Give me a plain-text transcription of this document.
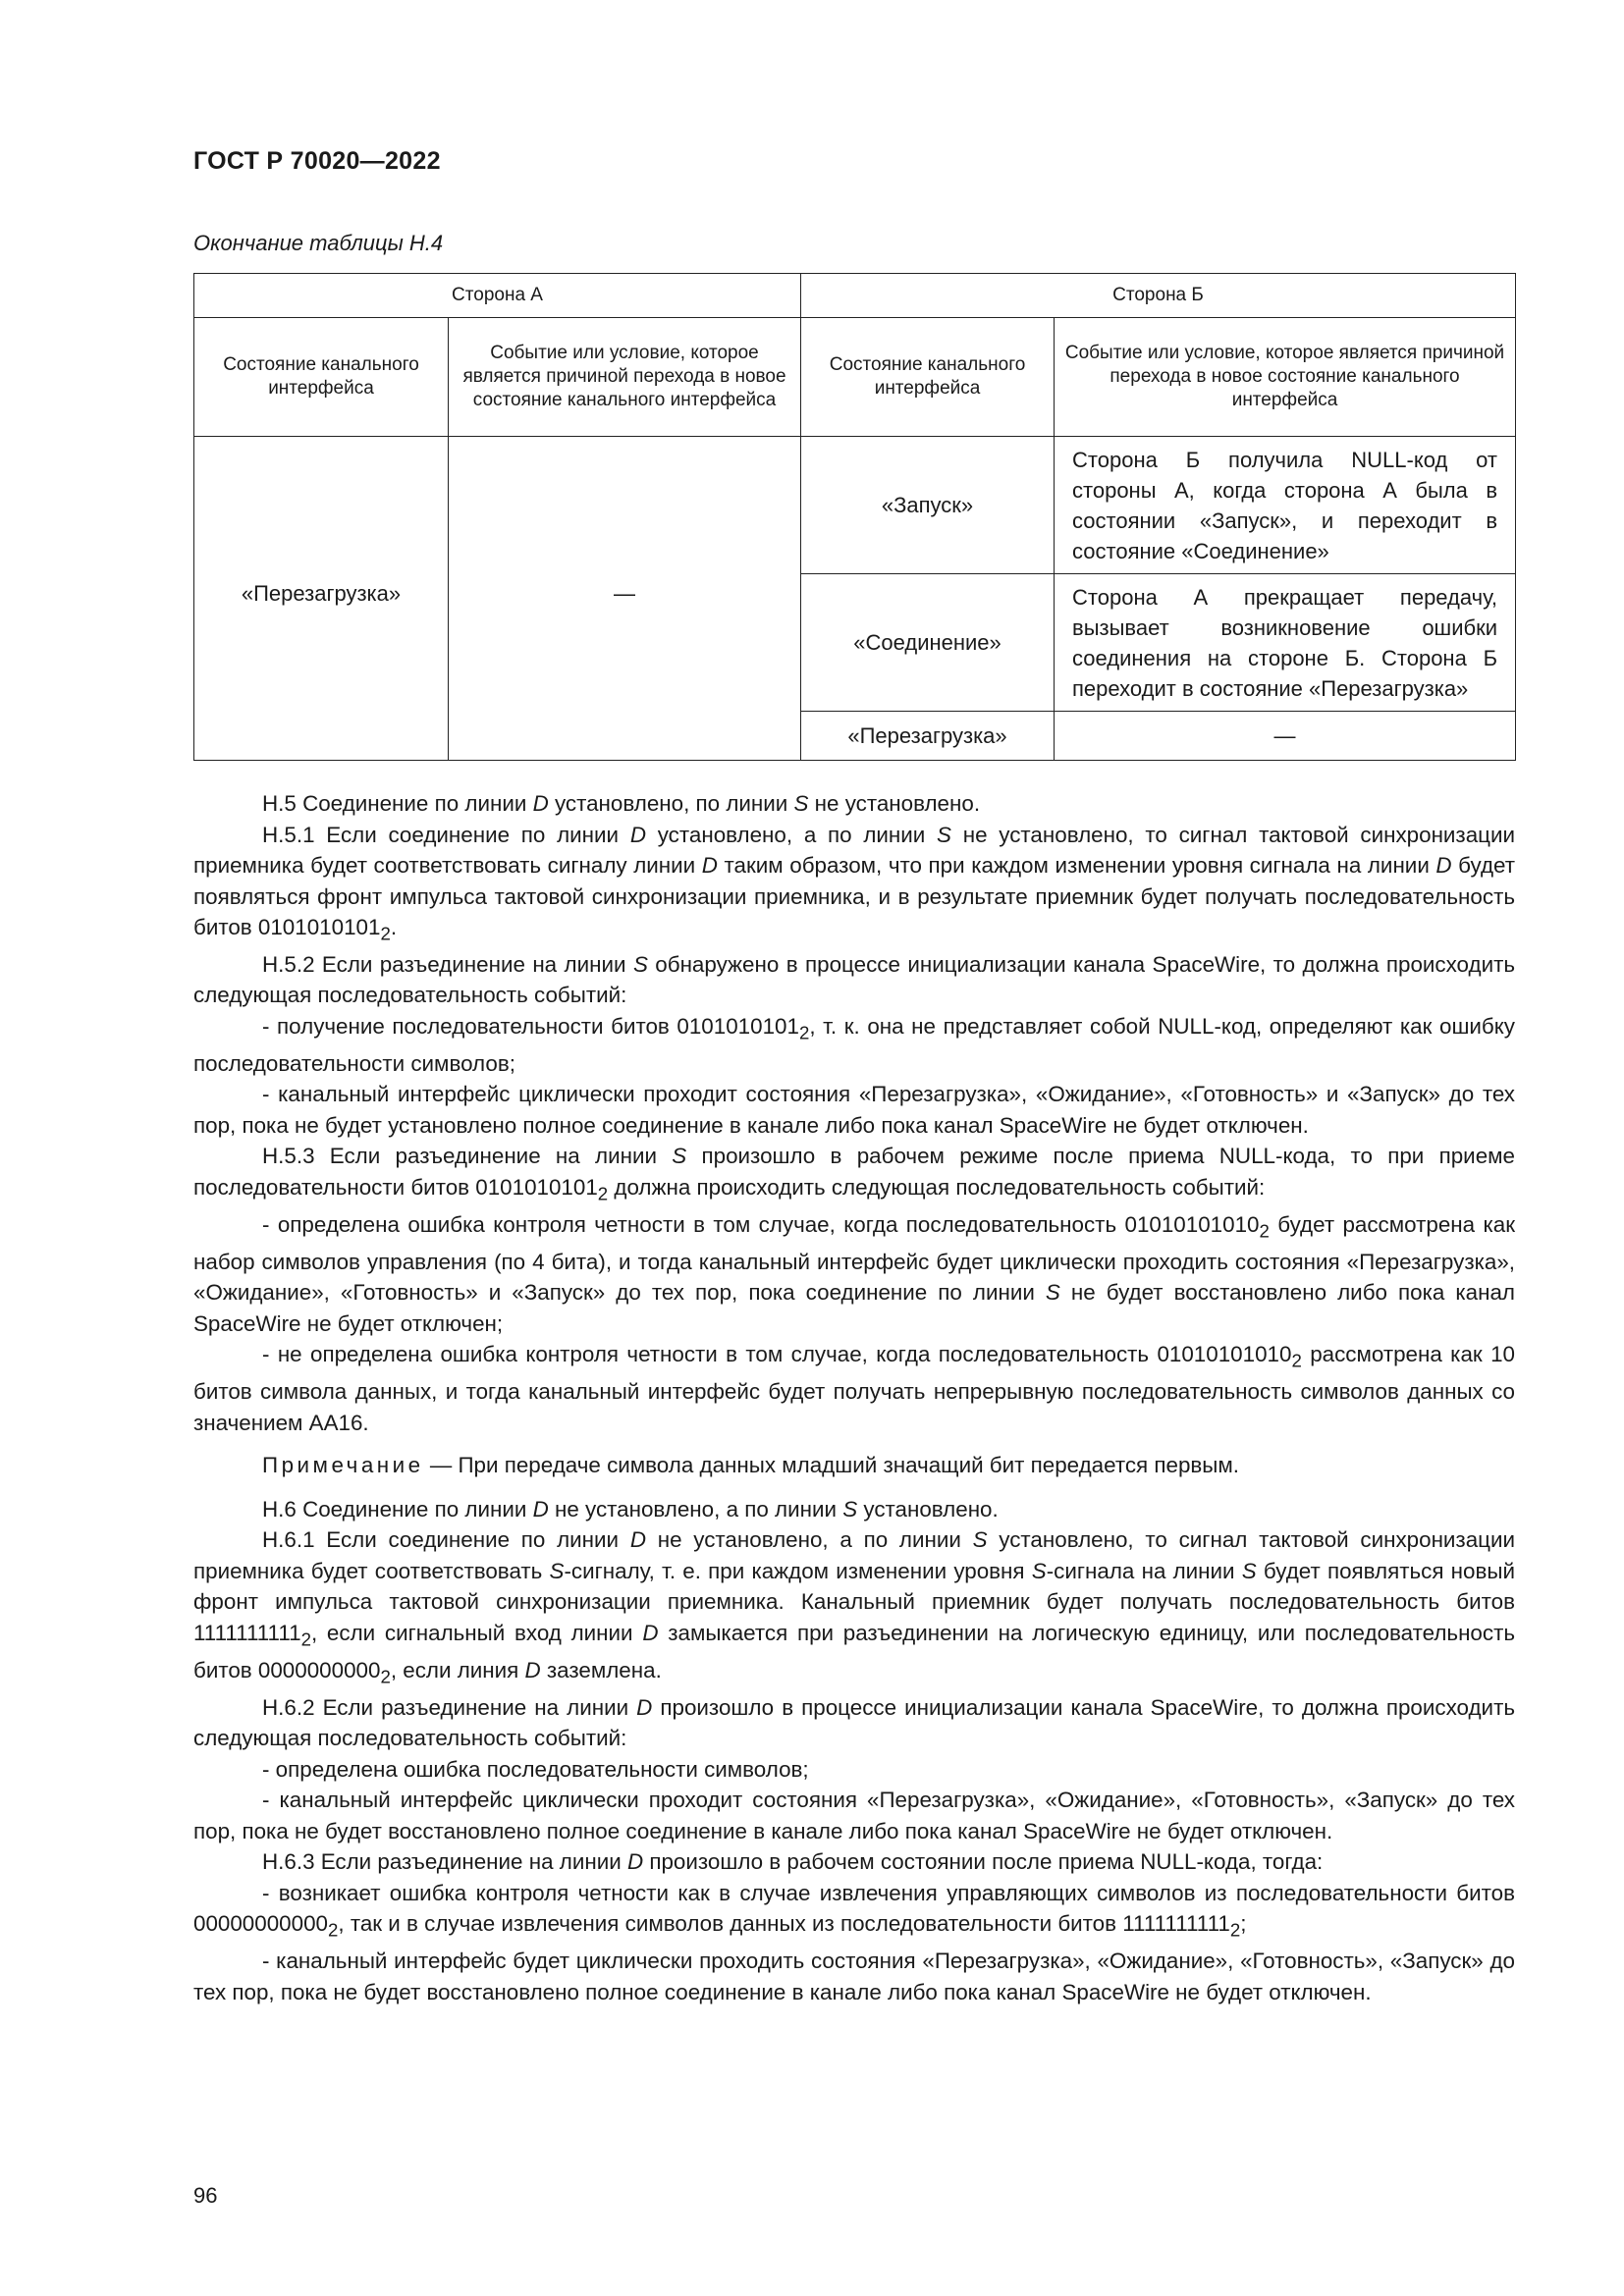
ГОСТ Р 70020—2022
Окончание таблицы Н.4
Сторона А		Сторона Б	
Состояние канального интерфейса	Событие или условие, которое является причиной перехода в новое состояние канального интерфейса	Состояние канального интерфейса	Событие или условие, которое является причиной перехода в новое состояние канального интерфейса
«Перезагрузка»	—	«Запуск»	Сторона Б получила NULL-код от стороны А, когда сторона А была в состоянии «Запуск», и переходит в состояние «Соединение»
		«Соединение»	Сторона А прекращает передачу, вызывает возникновение ошибки соединения на стороне Б. Сторона Б переходит в состояние «Перезагрузка»
		«Перезагрузка»	—

Н.5 Соединение по линии D установлено, по линии S не установлено.

Н.5.1 Если соединение по линии D установлено, а по линии S не установлено, то сигнал тактовой синхронизации приемника будет соответствовать сигналу линии D таким образом, что при каждом изменении уровня сигнала на линии D будет появляться фронт импульса тактовой синхронизации приемника, и в результате приемник будет получать последовательность битов $0101010101_2$.

Н.5.2 Если разъединение на линии S обнаружено в процессе инициализации канала SpaceWire, то должна происходить следующая последовательность событий:

- получение последовательности битов $0101010101_2$, т. к. она не представляет собой NULL-код, определяют как ошибку последовательности символов;

- канальный интерфейс циклически проходит состояния «Перезагрузка», «Ожидание», «Готовность» и «Запуск» до тех пор, пока не будет установлено полное соединение в канале либо пока канал SpaceWire не будет отключен.

Н.5.3 Если разъединение на линии S произошло в рабочем режиме после приема NULL-кода, то при приеме последовательности битов $0101010101_2$ должна происходить следующая последовательность событий:

- определена ошибка контроля четности в том случае, когда последовательность $01010101010_2$ будет рассмотрена как набор символов управления (по 4 бита), и тогда канальный интерфейс будет циклически проходить состояния «Перезагрузка», «Ожидание», «Готовность» и «Запуск» до тех пор, пока соединение по линии S не будет восстановлено либо пока канал SpaceWire не будет отключен;

- не определена ошибка контроля четности в том случае, когда последовательность $01010101010_2$ рассмотрена как 10 битов символа данных, и тогда канальный интерфейс будет получать непрерывную последовательность символов данных со значением АА16.

Примечание — При передаче символа данных младший значащий бит передается первым.

Н.6 Соединение по линии D не установлено, а по линии S установлено.

Н.6.1 Если соединение по линии D не установлено, а по линии S установлено, то сигнал тактовой синхронизации приемника будет соответствовать S-сигналу, т. е. при каждом изменении уровня S-сигнала на линии S будет появляться новый фронт импульса тактовой синхронизации приемника. Канальный приемник будет получать последовательность битов $1111111111_2$, если сигнальный вход линии D замыкается при разъединении на логическую единицу, или последовательность битов $0000000000_2$, если линия D заземлена.

Н.6.2 Если разъединение на линии D произошло в процессе инициализации канала SpaceWire, то должна происходить следующая последовательность событий:

- определена ошибка последовательности символов;

- канальный интерфейс циклически проходит состояния «Перезагрузка», «Ожидание», «Готовность», «Запуск» до тех пор, пока не будет восстановлено полное соединение в канале либо пока канал SpaceWire не будет отключен.

Н.6.3 Если разъединение на линии D произошло в рабочем состоянии после приема NULL-кода, тогда:

- возникает ошибка контроля четности как в случае извлечения управляющих символов из последовательности битов $00000000000_2$, так и в случае извлечения символов данных из последовательности битов $1111111111_2$;

- канальный интерфейс будет циклически проходить состояния «Перезагрузка», «Ожидание», «Готовность», «Запуск» до тех пор, пока не будет восстановлено полное соединение в канале либо пока канал SpaceWire не будет отключен.

96
